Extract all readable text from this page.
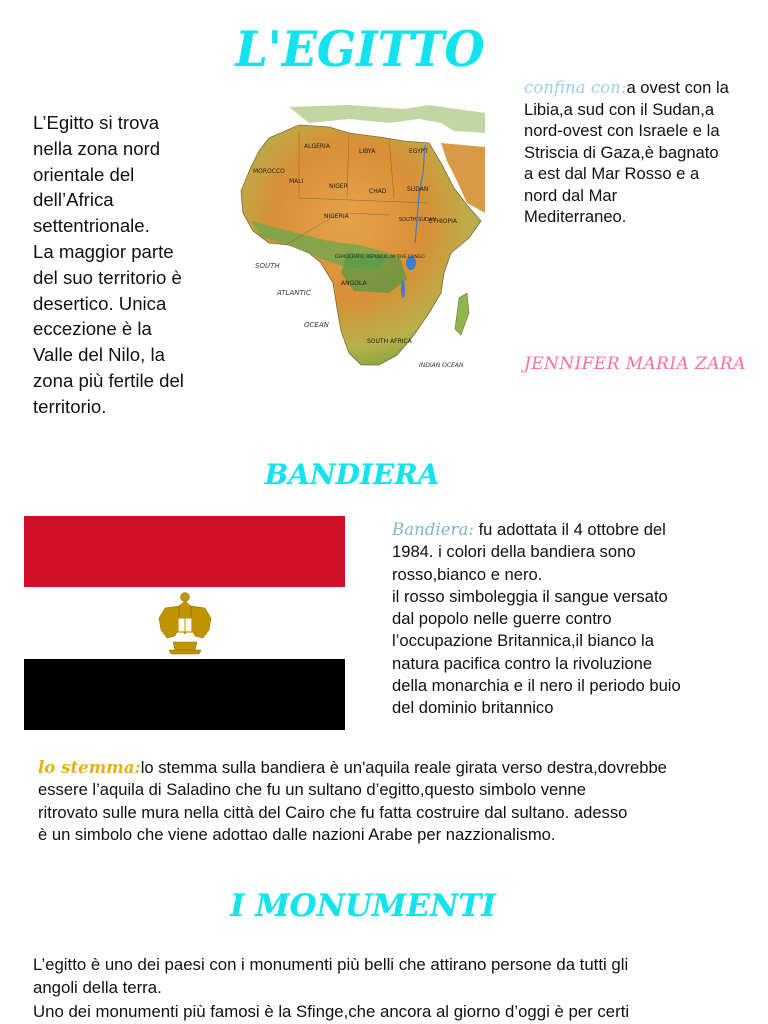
L'EGITTO
L’Egitto si trova
nella zona nord
orientale del
dell’Africa
settentrionale.
La maggior parte
del suo territorio è
desertico. Unica
eccezione è la
Valle del Nilo, la
zona più fertile del
territorio.
ALGERIA
LIBYA	EGYPT
MOROCCO
MALI
NIGER
CHAD	SUDAN
NIGERIA
ETHIOPIA
SOUTH SUDAN
DEMOCRATIC REPUBLIC OF THE CONGO
ANGOLA
SOUTH AFRICA
SOUTH
ATLANTIC
OCEAN
INDIAN OCEAN
confina con:a ovest con la
Libia,a sud con il Sudan,a
nord-ovest con Israele e la
Striscia di Gaza,è bagnato
a est dal Mar Rosso e a
nord dal Mar
Mediterraneo.
JENNIFER MARIA ZARA
BANDIERA
Bandiera: fu adottata il 4 ottobre del
1984. i colori della bandiera sono
rosso,bianco e nero.
il rosso simboleggia il sangue versato
dal popolo nelle guerre contro
l’occupazione Britannica,il bianco la
natura pacifica contro la rivoluzione
della monarchia e il nero il periodo buio
del dominio britannico
lo stemma:lo stemma sulla bandiera è un'aquila reale girata verso destra,dovrebbe
essere l’aquila di Saladino che fu un sultano d’egitto,questo simbolo venne
ritrovato sulle mura nella città del Cairo che fu fatta costruire dal sultano. adesso
è un simbolo che viene adottao dalle nazioni Arabe per nazzionalismo.
I MONUMENTI
L’egitto è uno dei paesi con i monumenti più belli che attirano persone da tutti gli
angoli della terra.
Uno dei monumenti più famosi è la Sfinge,che ancora al giorno d’oggi è per certi
